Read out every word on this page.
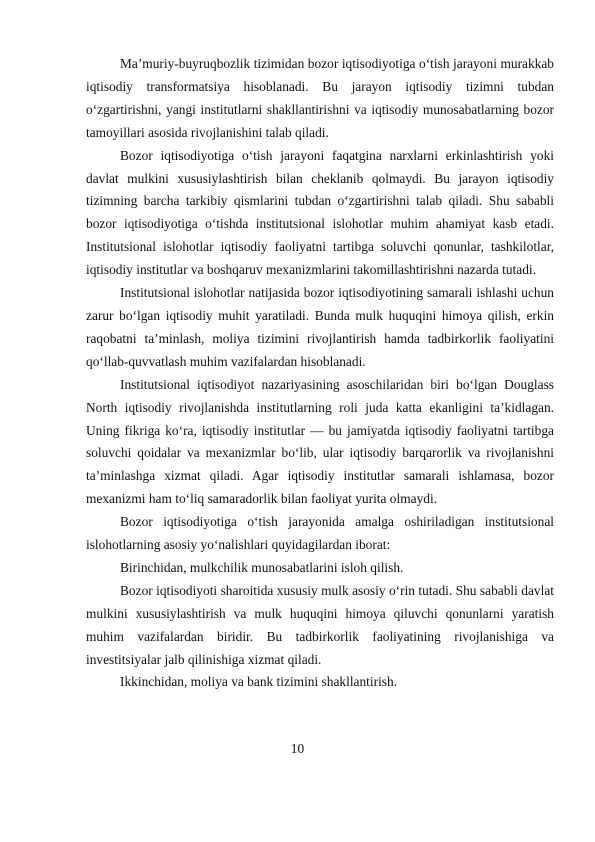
Ma’muriy-buyruqbozlik tizimidan bozor iqtisodiyotiga o‘tish jarayoni murakkab iqtisodiy transformatsiya hisoblanadi. Bu jarayon iqtisodiy tizimni tubdan o‘zgartirishni, yangi institutlarni shakllantirishni va iqtisodiy munosabatlarning bozor tamoyillari asosida rivojlanishini talab qiladi.

Bozor iqtisodiyotiga o‘tish jarayoni faqatgina narxlarni erkinlashtirish yoki davlat mulkini xususiylashtirish bilan cheklanib qolmaydi. Bu jarayon iqtisodiy tizimning barcha tarkibiy qismlarini tubdan o‘zgartirishni talab qiladi. Shu sababli bozor iqtisodiyotiga o‘tishda institutsional islohotlar muhim ahamiyat kasb etadi. Institutsional islohotlar iqtisodiy faoliyatni tartibga soluvchi qonunlar, tashkilotlar, iqtisodiy institutlar va boshqaruv mexanizmlarini takomillashtirishni nazarda tutadi.

Institutsional islohotlar natijasida bozor iqtisodiyotining samarali ishlashi uchun zarur bo‘lgan iqtisodiy muhit yaratiladi. Bunda mulk huquqini himoya qilish, erkin raqobatni ta’minlash, moliya tizimini rivojlantirish hamda tadbirkorlik faoliyatini qo‘llab-quvvatlash muhim vazifalardan hisoblanadi.

Institutsional iqtisodiyot nazariyasining asoschilaridan biri bo‘lgan Douglass North iqtisodiy rivojlanishda institutlarning roli juda katta ekanligini ta’kidlagan. Uning fikriga ko‘ra, iqtisodiy institutlar — bu jamiyatda iqtisodiy faoliyatni tartibga soluvchi qoidalar va mexanizmlar bo‘lib, ular iqtisodiy barqarorlik va rivojlanishni ta’minlashga xizmat qiladi. Agar iqtisodiy institutlar samarali ishlamasa, bozor mexanizmi ham to‘liq samaradorlik bilan faoliyat yurita olmaydi.

Bozor iqtisodiyotiga o‘tish jarayonida amalga oshiriladigan institutsional islohotlarning asosiy yo‘nalishlari quyidagilardan iborat:

Birinchidan, mulkchilik munosabatlarini isloh qilish.

Bozor iqtisodiyoti sharoitida xususiy mulk asosiy o‘rin tutadi. Shu sababli davlat mulkini xususiylashtirish va mulk huquqini himoya qiluvchi qonunlarni yaratish muhim vazifalardan biridir. Bu tadbirkorlik faoliyatining rivojlanishiga va investitsiyalar jalb qilinishiga xizmat qiladi.

Ikkinchidan, moliya va bank tizimini shakllantirish.

10
